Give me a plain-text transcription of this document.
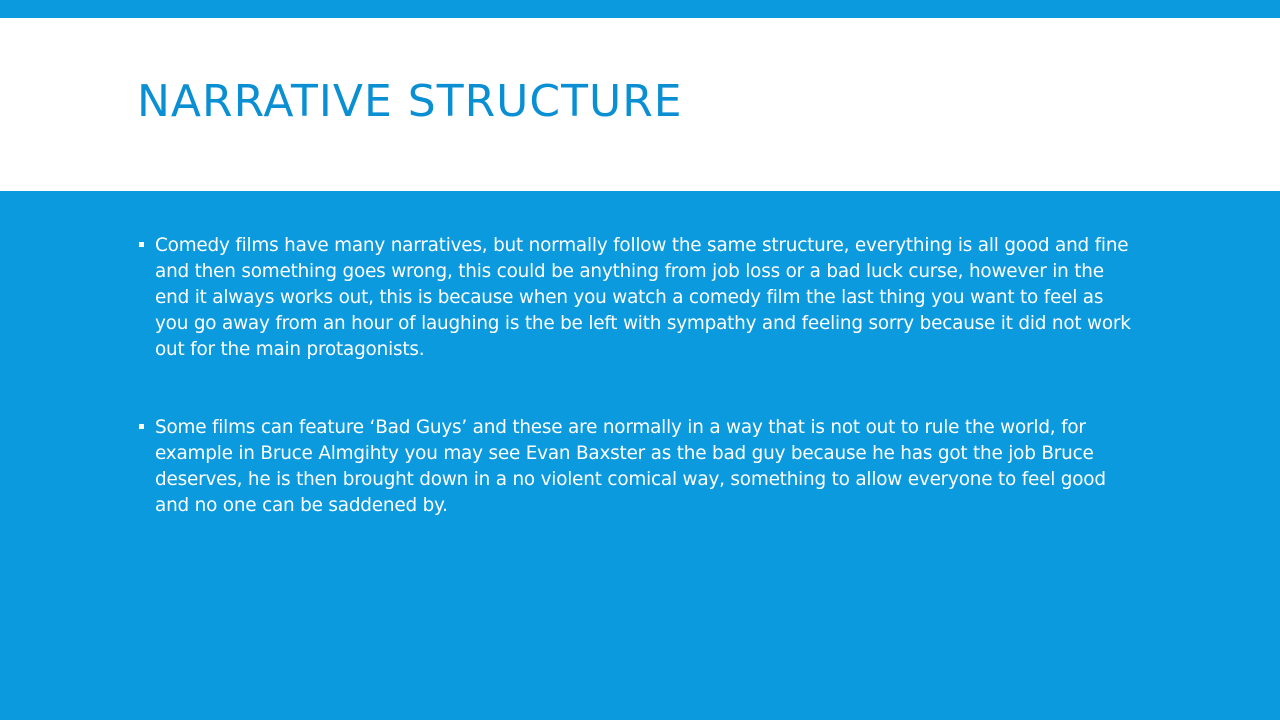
NARRATIVE STRUCTURE
Comedy films have many narratives, but normally follow the same structure, everything is all good and fine and then something goes wrong, this could be anything from job loss or a bad luck curse, however in the end it always works out, this is because when you watch a comedy film the last thing you want to feel as you go away from an hour of laughing is the be left with sympathy and feeling sorry because it did not work out for the main protagonists.
Some films can feature ‘Bad Guys’ and these are normally in a way that is not out to rule the world, for example in Bruce Almgihty you may see Evan Baxster as the bad guy because he has got the job Bruce deserves, he is then brought down in a no violent comical way, something to allow everyone to feel good and no one can be saddened by.
